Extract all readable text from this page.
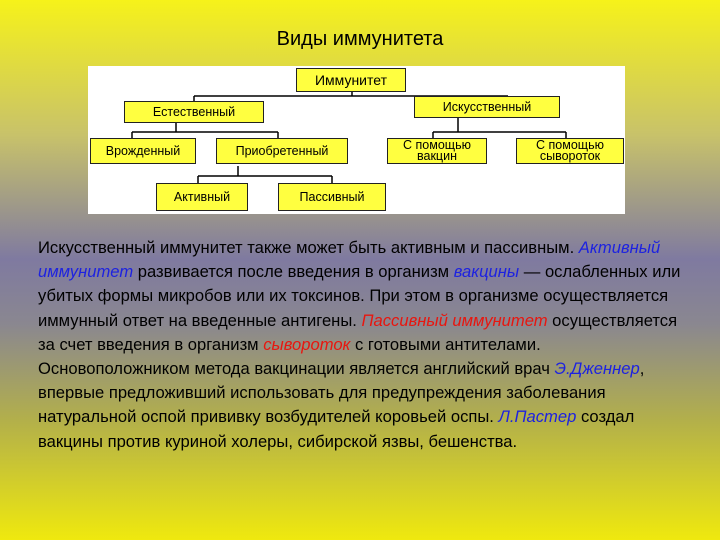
Виды иммунитета
Иммунитет
Естественный	Искусственный
Врожденный	Приобретенный	С помощью
вакцин
С помощью
сывороток
Активный	Пассивный
Искусственный иммунитет также может быть активным и пассивным. Активный иммунитет развивается после введения в организм вакцины — ослабленных или убитых формы микробов или их токсинов. При этом в организме осуществляется иммунный ответ на введенные антигены. Пассивный иммунитет осуществляется за счет введения в организм сывороток с готовыми антителами.
Основоположником метода вакцинации является английский врач Э.Дженнер, впервые предложивший использовать для предупреждения заболевания натуральной оспой прививку возбудителей коровьей оспы. Л.Пастер создал вакцины против куриной холеры, сибирской язвы, бешенства.
